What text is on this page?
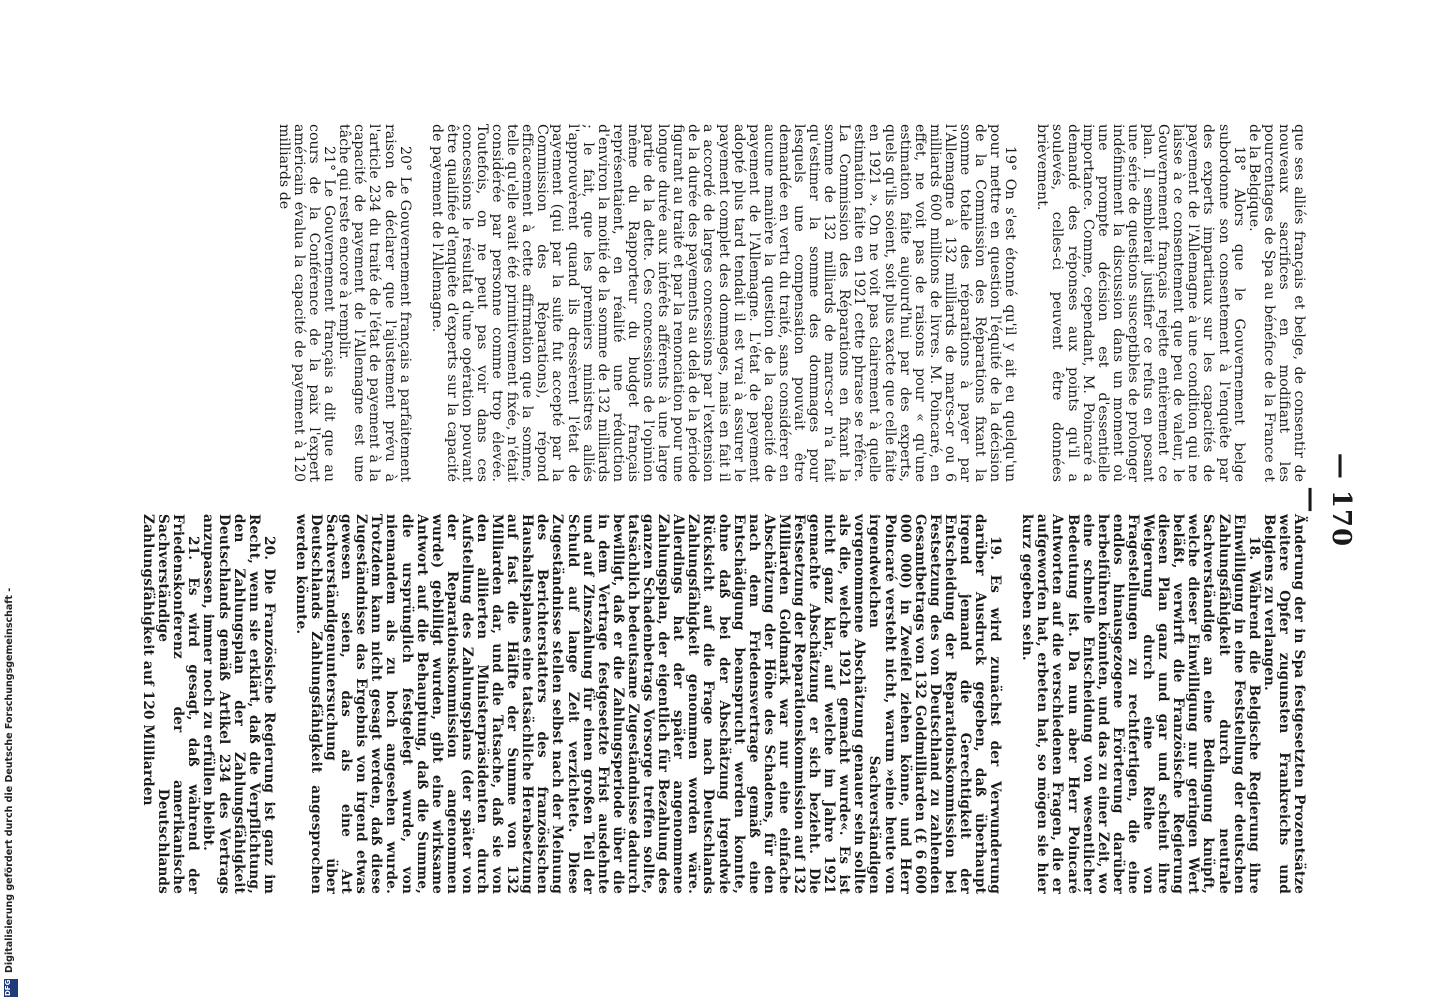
— 170 —

que ses alliés français et belge, de consentir de nouveaux sacrifices en modifiant les pourcentages de Spa au bénéfice de la France et de la Belgique.

18° Alors que le Gouvernement belge subordonne son consentement à l'enquête par des experts impartiaux sur les capacités de payement de l'Allemagne à une condition qui ne laisse à ce consentement que peu de valeur, le Gouvernement français rejette entièrement ce plan. Il semblerait justifier ce refus en posant une série de questions susceptibles de prolonger indéfiniment la discussion dans un moment où une prompte décision est d'essentielle importance. Comme, cependant, M. Poincaré a demandé des réponses aux points qu'il a soulevés, celles-ci peuvent être données brièvement.

19° On s'est étonné qu'il y ait eu quelqu'un pour mettre en question l'équité de la décision de la Commission des Réparations fixant la somme totale des réparations à payer par l'Allemagne à 132 milliards de marcs-or ou 6 milliards 600 millions de livres. M. Poincaré, en effet, ne voit pas de raisons pour « qu'une estimation faite aujourd'hui par des experts, quels qu'ils soient, soit plus exacte que celle faite en 1921 ». On ne voit pas clairement à quelle estimation faite en 1921 cette phrase se réfère. La Commission des Réparations en fixant la somme de 132 milliards de marcs-or n'a fait qu'estimer la somme des dommages pour lesquels une compensation pouvait être demandée en vertu du traité, sans considérer en aucune manière la question de la capacité de payement de l'Allemagne. L'état de payement adopté plus tard tendait il est vrai à assurer le payement complet des dommages, mais en fait il a accordé de larges concessions par l'extension de la durée des payements au delà de la période figurant au traité et par la renonciation pour une longue durée aux intérêts afférents à une large partie de la dette. Ces concessions de l'opinion même du Rapporteur du budget français représentaient, en réalité une réduction d'environ la moitié de la somme de 132 milliards ; le fait, que les premiers ministres alliés l'approuvèrent quand ils dressèrent l'état de payement (qui par la suite fut accepté par la Commission des Réparations), répond efficacement à cette affirmation que la somme, telle qu'elle avait été primitivement fixée, n'était considérée par personne comme trop élevée. Toutefois, on ne peut pas voir dans ces concessions le résultat d'une opération pouvant être qualifiée d'enquête d'experts sur la capacité de payement de l'Allemagne.

20° Le Gouvernement français a parfaitement raison de déclarer que l'ajustement prévu à l'article 234 du traité de l'état de payement à la capacité de payement de l'Allemagne est une tâche qui reste encore à remplir.

21° Le Gouvernement français a dit que au cours de la Conférence de la paix l'expert américain évalua la capacité de payement à 120 milliards de

Änderung der in Spa festgesetzten Prozentsätze weitere Opfer zugunsten Frankreichs und Belgiens zu verlangen.

18. Während die Belgische Regierung ihre Einwilligung in eine Feststellung der deutschen Zahlungsfähigkeit durch neutrale Sachverständige an eine Bedingung knüpft, welche dieser Einwilligung nur geringen Wert beläßt, verwirft die Französische Regierung diesen Plan ganz und gar und scheint ihre Weigerung durch eine Reihe von Fragestellungen zu rechtfertigen, die eine endlos hinausgezogene Erörterung darüber herbeiführen könnten, und das zu einer Zeit, wo eine schnelle Entscheidung von wesentlicher Bedeutung ist. Da nun aber Herr Poincaré Antworten auf die verschiedenen Fragen, die er aufgeworfen hat, erbeten hat, so mögen sie hier kurz gegeben sein.

19. Es wird zunächst der Verwunderung darüber Ausdruck gegeben, daß überhaupt irgend jemand die Gerechtigkeit der Entscheidung der Reparationskommission bei Festsetzung des von Deutschland zu zahlenden Gesamtbetrags von 132 Goldmilliarden (£ 6 600 000 000) in Zweifel ziehen könne, und Herr Poincaré versteht nicht, warum »eine heute von irgendwelchen Sachverständigen vorgenommene Abschätzung genauer sein sollte als die, welche 1921 gemacht wurde«. Es ist nicht ganz klar, auf welche im Jahre 1921 gemachte Abschätzung er sich bezieht. Die Festsetzung der Reparationskommission auf 132 Milliarden Goldmark war nur eine einfache Abschätzung der Höhe des Schadens, für den nach dem Friedensvertrage gemäß eine Entschädigung beansprucht werden konnte, ohne daß bei der Abschätzung irgendwie Rücksicht auf die Frage nach Deutschlands Zahlungsfähigkeit genommen worden wäre. Allerdings hat der später angenommene Zahlungsplan, der eigentlich für Bezahlung des ganzen Schadenbetrags Vorsorge treffen sollte, tatsächlich bedeutsame Zugeständnisse dadurch bewilligt, daß er die Zahlungsperiode über die in dem Vertrage festgesetzte Frist ausdehnte und auf Zinszahlung für einen großen Teil der Schuld auf lange Zeit verzichtete. Diese Zugeständnisse stellen selbst nach der Meinung des Berichterstatters des französischen Haushaltsplanes eine tatsächliche Herabsetzung auf fast die Hälfte der Summe von 132 Milliarden dar, und die Tatsache, daß sie von den alliierten Ministerpräsidenten durch Aufstellung des Zahlungsplans (der später von der Reparationskommission angenommen wurde) gebilligt wurden, gibt eine wirksame Antwort auf die Behauptung, daß die Summe, die ursprünglich festgelegt wurde, von niemandem als zu hoch angesehen wurde. Trotzdem kann nicht gesagt werden, daß diese Zugeständnisse das Ergebnis von irgend etwas gewesen seien, das als eine Art Sachverständigenuntersuchung über Deutschlands Zahlungsfähigkeit angesprochen werden könnte.

20. Die Französische Regierung ist ganz im Recht, wenn sie erklärt, daß die Verpflichtung, den Zahlungsplan der Zahlungsfähigkeit Deutschlands gemäß Artikel 234 des Vertrags anzupassen, immer noch zu erfüllen bleibt.

21. Es wird gesagt, daß während der Friedenskonferenz der amerikanische Sachverständige Deutschlands Zahlungsfähigkeit auf 120 Milliarden

Digitalisierung gefördert durch die Deutsche Forschungsgemeinschaft -
DFG
